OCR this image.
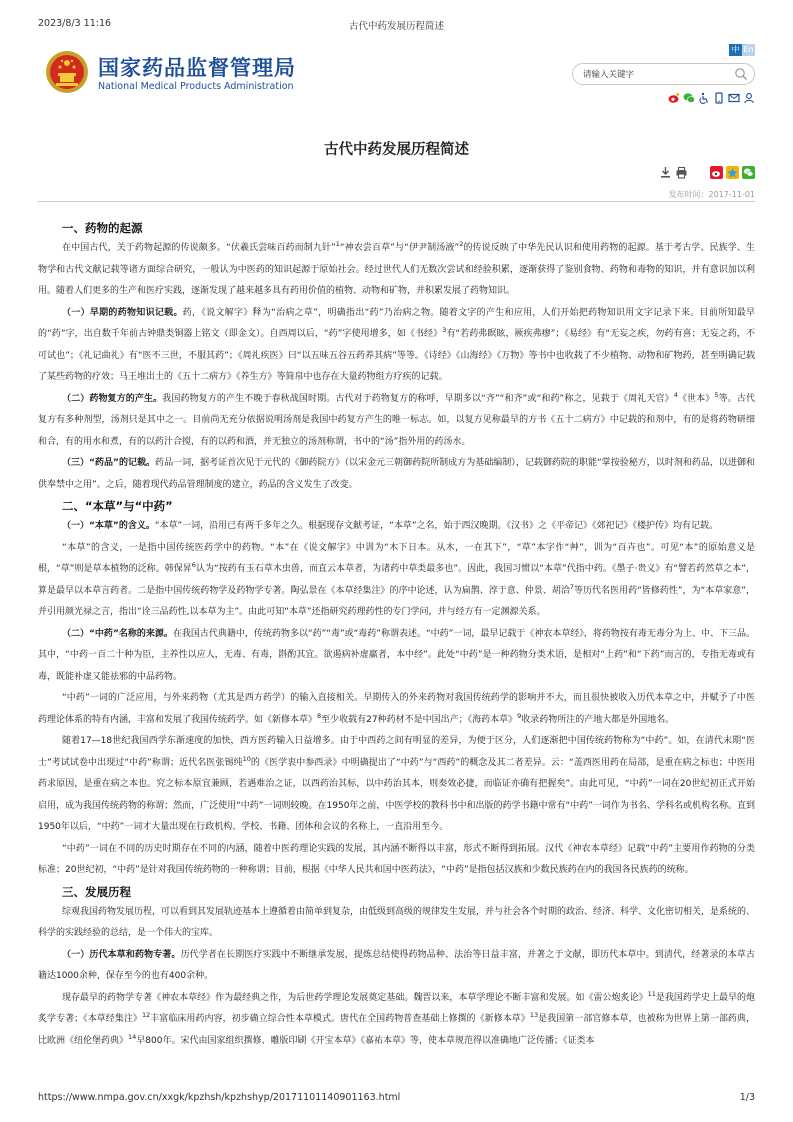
2023/8/3 11:16	古代中药发展历程简述
国家药品监督管理局
National Medical Products Administration
中 En
请输入关键字
古代中药发展历程简述
发布时间：2017-11-01
一、药物的起源

在中国古代，关于药物起源的传说颇多。“伏羲氏尝味百药而制九针”$^1$“神农尝百草”与“伊尹制汤液”$^2$的传说反映了中华先民认识和使用药物的起源。基于考古学、民族学、生物学和古代文献记载等诸方面综合研究，一般认为中医药的知识起源于原始社会。经过世代人们无数次尝试和经验积累，逐渐获得了鉴别食物、药物和毒物的知识，并有意识加以利用。随着人们更多的生产和医疗实践，逐渐发现了越来越多具有药用价值的植物、动物和矿物，并积累发展了药物知识。

（一）早期的药物知识记载。药，《说文解字》释为“治病之草”，明确指出“药”乃治病之物。随着文字的产生和应用，人们开始把药物知识用文字记录下来。目前所知最早的“药”字，出自数千年前古钟鼎类铜器上铭文（即金文）。自西周以后，“药”字使用增多，如《书经》$^3$有“若药弗瞑眩，厥疾弗瘳”；《易经》有“无妄之疾，勿药有喜；无妄之药，不可试也”；《礼记曲礼》有“医不三世，不服其药”；《周礼疾医》曰“以五味五谷五药养其病”等等。《诗经》《山海经》《万物》等书中也收载了不少植物、动物和矿物药，甚至明确记载了某些药物的疗效；马王堆出土的《五十二病方》《养生方》等简帛中也存在大量药物组方疗疾的记载。

（二）药物复方的产生。我国药物复方的产生不晚于春秋战国时期。古代对于药物复方的称呼，早期多以“齐”“和齐”或“和药”称之，见载于《周礼天官》$^4$《世本》$^5$等。古代复方有多种剂型，汤剂只是其中之一。目前尚无充分依据说明汤剂是我国中药复方产生的唯一标志。如，以复方见称最早的方书《五十二病方》中记载的和剂中，有的是将药物研细和合，有的用水和煮，有的以药汁合搅，有的以药和酒，并无独立的汤剂称谓，书中的“汤”指外用的药汤水。

（三）“药品”的记载。药品一词，据考证首次见于元代的《御药院方》（以宋金元三朝御药院所制成方为基础编制），记载御药院的职能“掌按验秘方，以时剂和药品，以进御和供奉禁中之用”。之后，随着现代药品管理制度的建立，药品的含义发生了改变。

二、“本草”与“中药”

（一）“本草”的含义。“本草”一词，沿用已有两千多年之久。根据现存文献考证，“本草”之名，始于西汉晚期。《汉书》之《平帝记》《郊祀记》《楼护传》均有记载。

“本草”的含义，一是指中国传统医药学中的药物。“本”在《说文解字》中训为“木下日本。从木，一在其下”，“草”本字作“艸”，训为“百卉也”。可见“本”的原始意义是根，“草”则是草本植物的泛称。韩保昇$^6$认为“按药有玉石草木虫兽，而直云本草者，为诸药中草类最多也”。因此，我国习惯以“本草”代指中药。《墨子·贵义》有“譬若药然草之本”，算是最早以本草言药者。二是指中国传统药物学及药物学专著。陶弘景在《本草经集注》的序中论述，认为扁鹊、淳于意、仲景、胡洽$^7$等历代名医用药“皆修药性”，为“本草家意”，并引用颜光禄之言，指出“诠三品药性,以本草为主”。由此可知“本草”还指研究药理药性的专门学问，并与经方有一定渊源关系。

（二）“中药”名称的来源。在我国古代典籍中，传统药物多以“药”“毒”或“毒药”称谓表述。“中药”一词，最早记载于《神农本草经》，将药物按有毒无毒分为上、中、下三品。其中，“中药一百二十种为臣，主养性以应人，无毒、有毒，斟酌其宜。欲遏病补虚羸者，本中经”。此处“中药”是一种药物分类术语，是相对“上药”和“下药”而言的，专指无毒或有毒，既能补虚又能祛邪的中品药物。

“中药”一词的广泛应用，与外来药物（尤其是西方药学）的输入直接相关。早期传入的外来药物对我国传统药学的影响并不大，而且很快被收入历代本草之中，并赋予了中医药理论体系的特有内涵，丰富和发展了我国传统药学。如《新修本草》$^8$至少收载有27种药材不是中国出产；《海药本草》$^9$收录药物所注的产地大都是外国地名。

随着17—18世纪我国西学东渐速度的加快，西方医药输入日益增多。由于中西药之间有明显的差异，为便于区分，人们逐渐把中国传统药物称为“中药”。如，在清代末期“医士”考试试卷中出现过“中药”称谓；近代名医张锡纯$^{10}$的《医学衷中参西录》中明确提出了“中药”与“西药”的概念及其二者差异。云：“盖西医用药在局部，是重在病之标也；中医用药求原因，是重在病之本也。究之标本原宜兼顾，若遇难治之证，以西药治其标，以中药治其本，则奏效必捷，而临证亦确有把握矣”。由此可见，“中药”一词在20世纪初正式开始启用，成为我国传统药物的称谓；然而，广泛使用“中药”一词则较晚。在1950年之前，中医学校的教科书中和出版的药学书籍中常有“中药”一词作为书名、学科名或机构名称。直到1950年以后，“中药”一词才大量出现在行政机构、学校、书籍、团体和会议的名称上，一直沿用至今。

“中药”一词在不同的历史时期存在不同的内涵，随着中医药理论实践的发展，其内涵不断得以丰富，形式不断得到拓展。汉代《神农本草经》记载“中药”主要用作药物的分类标准；20世纪初，“中药”是针对我国传统药物的一种称谓；目前，根据《中华人民共和国中医药法》，“中药”是指包括汉族和少数民族药在内的我国各民族药的统称。

三、发展历程

综观我国药物发展历程，可以看到其发展轨迹基本上遵循着由简单到复杂，由低级到高级的规律发生发展，并与社会各个时期的政治、经济、科学、文化密切相关，是系统的、科学的实践经验的总结，是一个伟大的宝库。

（一）历代本草和药物专著。历代学者在长期医疗实践中不断继承发展，提炼总结使得药物品种、法治等日益丰富，并著之于文献，即历代本草中。到清代，经著录的本草古籍达1000余种，保存至今的也有400余种。

现存最早的药物学专著《神农本草经》作为最经典之作，为后世药学理论发展奠定基础。魏晋以来，本草学理论不断丰富和发展。如《雷公炮炙论》$^{11}$是我国药学史上最早的炮炙学专著；《本草经集注》$^{12}$丰富临床用药内容，初步确立综合性本草模式。唐代在全国药物普查基础上修撰的《新修本草》$^{13}$是我国第一部官修本草，也被称为世界上第一部药典，比欧洲《纽伦堡药典》$^{14}$早800年。宋代由国家组织撰修、雕版印刷《开宝本草》《嘉祐本草》等，使本草规范得以准确地广泛传播；《证类本

https://www.nmpa.gov.cn/xxgk/kpzhsh/kpzhshyp/20171101140901163.html	1/3
